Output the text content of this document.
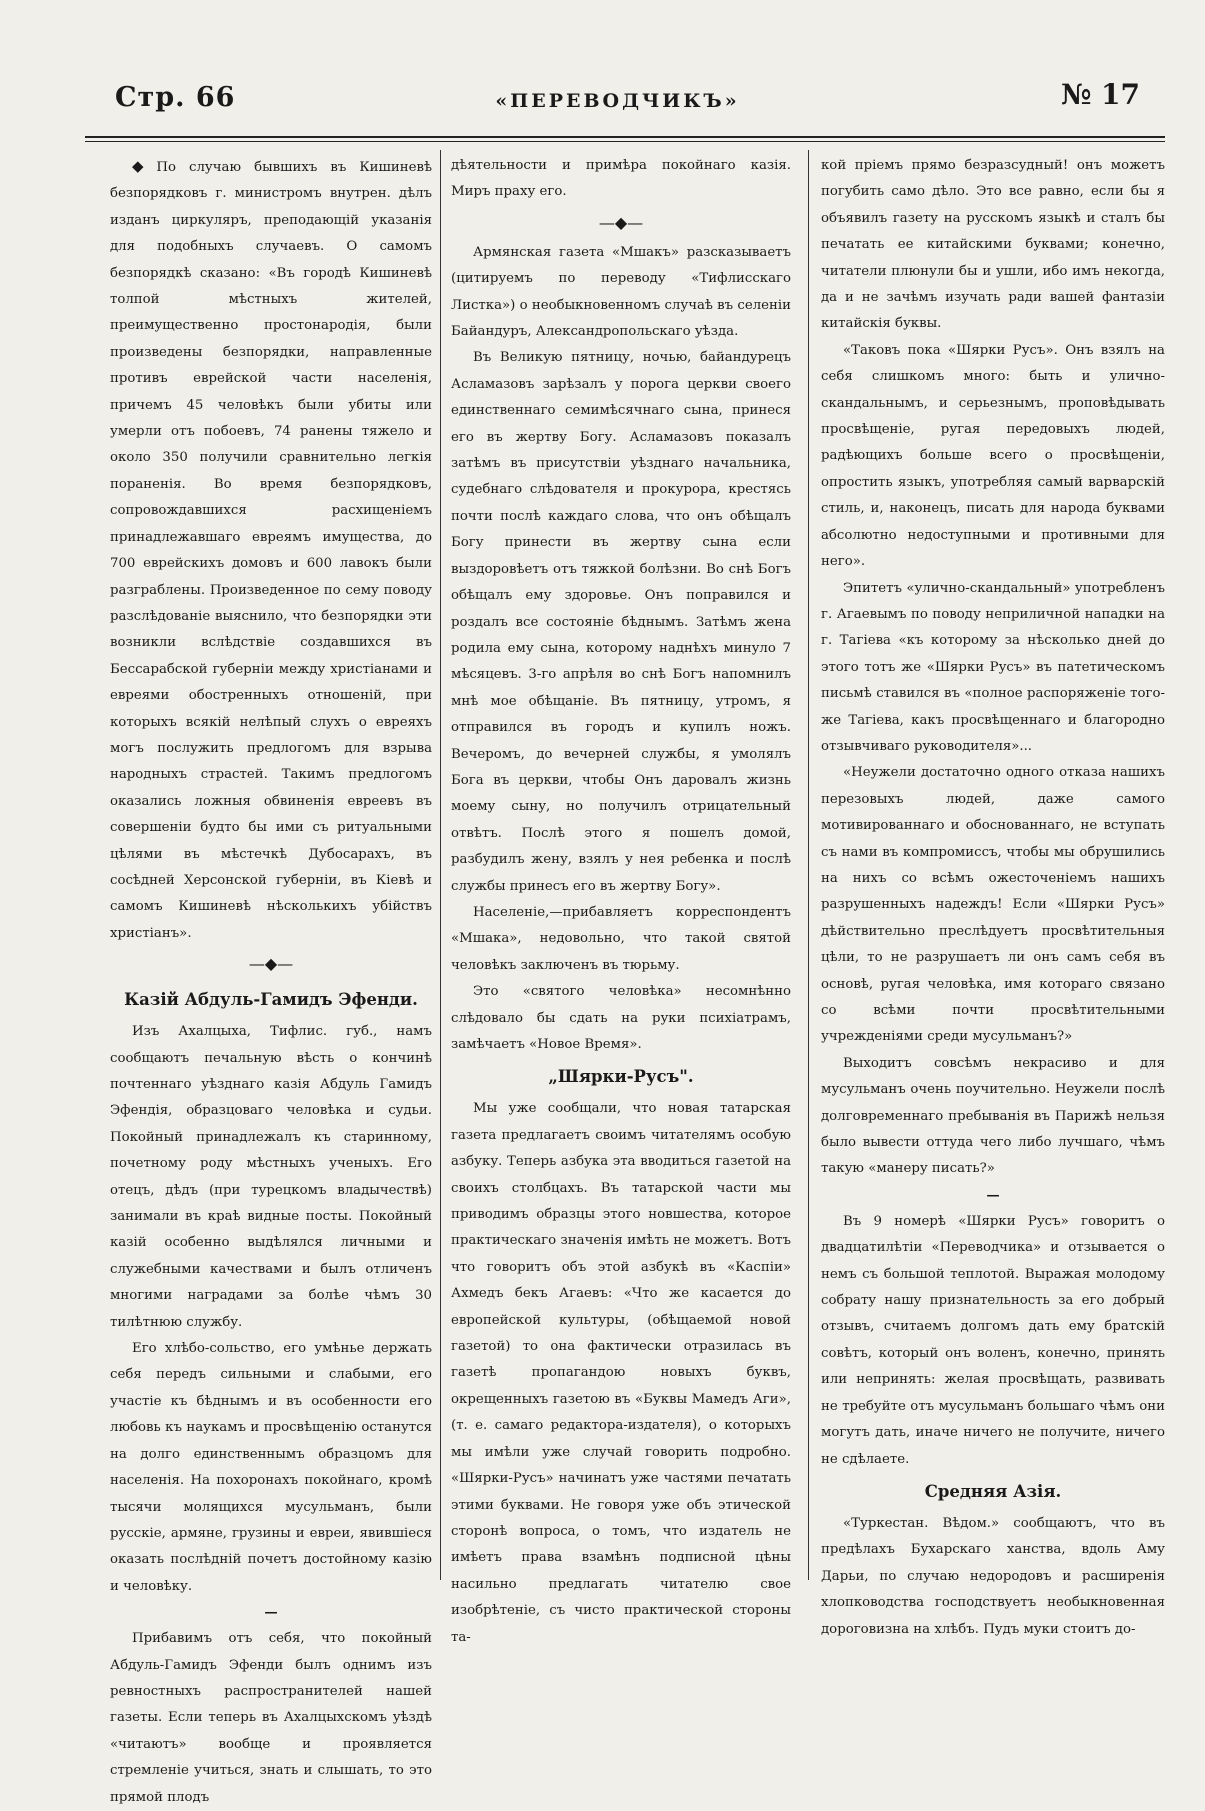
Стр. 66	«ПЕРЕВОДЧИКЪ»	№ 17

◆ По случаю бывшихъ въ Кишиневѣ безпорядковъ г. министромъ внутрен. дѣлъ изданъ циркуляръ, преподающій указанія для подобныхъ случаевъ. О самомъ безпорядкѣ сказано: «Въ городѣ Кишиневѣ толпой мѣстныхъ жителей, преимущественно простонародія, были произведены безпорядки, направленные противъ еврейской части населенія, причемъ 45 человѣкъ были убиты или умерли отъ побоевъ, 74 ранены тяжело и около 350 получили сравнительно легкія пораненія. Во время безпорядковъ, сопровождавшихся расхищеніемъ принадлежавшаго евреямъ имущества, до 700 еврейскихъ домовъ и 600 лавокъ были разграблены. Произведенное по сему поводу разслѣдованіе выяснило, что безпорядки эти возникли вслѣдствіе создавшихся въ Бессарабской губерніи между христіанами и евреями обостренныхъ отношеній, при которыхъ всякій нелѣпый слухъ о евреяхъ могъ послужить предлогомъ для взрыва народныхъ страстей. Такимъ предлогомъ оказались ложныя обвиненія евреевъ въ совершеніи будто бы ими съ ритуальными цѣлями въ мѣстечкѣ Дубосарахъ, въ сосѣдней Херсонской губерніи, въ Кіевѣ и самомъ Кишиневѣ нѣсколькихъ убійствъ христіанъ».

—◆—
Казій Абдуль-Гамидъ Эфенди.

Изъ Ахалцыха, Тифлис. губ., намъ сообщаютъ печальную вѣсть о кончинѣ почтеннаго уѣзднаго казія Абдуль Гамидъ Эфендія, образцоваго человѣка и судьи. Покойный принадлежалъ къ старинному, почетному роду мѣстныхъ ученыхъ. Его отецъ, дѣдъ (при турецкомъ владычествѣ) занимали въ краѣ видные посты. Покойный казій особенно выдѣлялся личными и служебными качествами и былъ отличенъ многими наградами за болѣе чѣмъ 30 тилѣтнюю службу.

Его хлѣбо-сольство, его умѣнье держать себя передъ сильными и слабыми, его участіе къ бѣднымъ и въ особенности его любовь къ наукамъ и просвѣщенію останутся на долго единственнымъ образцомъ для населенія. На похоронахъ покойнаго, кромѣ тысячи молящихся мусульманъ, были русскіе, армяне, грузины и евреи, явившіеся оказать послѣдній почетъ достойному казію и человѣку.

—

Прибавимъ отъ себя, что покойный Абдуль-Гамидъ Эфенди былъ однимъ изъ ревностныхъ распространителей нашей газеты. Если теперь въ Ахалцыхскомъ уѣздѣ «читаютъ» вообще и проявляется стремленіе учиться, знать и слышать, то это прямой плодъ

дѣятельности и примѣра покойнаго казія. Миръ праху его.

—◆—

Армянская газета «Мшакъ» разсказываетъ (цитируемъ по переводу «Тифлисскаго Листка») о необыкновенномъ случаѣ въ селеніи Байандуръ, Александропольскаго уѣзда.

Въ Великую пятницу, ночью, байандурецъ Асламазовъ зарѣзалъ у порога церкви своего единственнаго семимѣсячнаго сына, принеся его въ жертву Богу. Асламазовъ показалъ затѣмъ въ присутствіи уѣзднаго начальника, судебнаго слѣдователя и прокурора, крестясь почти послѣ каждаго слова, что онъ обѣщалъ Богу принести въ жертву сына если выздоровѣетъ отъ тяжкой болѣзни. Во снѣ Богъ обѣщалъ ему здоровье. Онъ поправился и роздалъ все состояніе бѣднымъ. Затѣмъ жена родила ему сына, которому наднѣхъ минуло 7 мѣсяцевъ. 3-го апрѣля во снѣ Богъ напомнилъ мнѣ мое обѣщаніе. Въ пятницу, утромъ, я отправился въ городъ и купилъ ножъ. Вечеромъ, до вечерней службы, я умолялъ Бога въ церкви, чтобы Онъ даровалъ жизнь моему сыну, но получилъ отрицательный отвѣтъ. Послѣ этого я пошелъ домой, разбудилъ жену, взялъ у нея ребенка и послѣ службы принесъ его въ жертву Богу».

Населеніе,—прибавляетъ корреспондентъ «Мшака», недовольно, что такой святой человѣкъ заключенъ въ тюрьму.

Это «святого человѣка» несомнѣнно слѣдовало бы сдать на руки психіатрамъ, замѣчаетъ «Новое Время».

„Шярки-Русъ".

Мы уже сообщали, что новая татарская газета предлагаетъ своимъ читателямъ особую азбуку. Теперь азбука эта вводиться газетой на своихъ столбцахъ. Въ татарской части мы приводимъ образцы этого новшества, которое практическаго значенія имѣть не можетъ. Вотъ что говоритъ объ этой азбукѣ въ «Каспіи» Ахмедъ бекъ Агаевъ: «Что же касается до европейской культуры, (обѣщаемой новой газетой) то она фактически отразилась въ газетѣ пропагандою новыхъ буквъ, окрещенныхъ газетою въ «Буквы Мамедъ Аги», (т. е. самаго редактора-издателя), о которыхъ мы имѣли уже случай говорить подробно. «Шярки-Русъ» начинатъ уже частями печатать этими буквами. Не говоря уже объ этической сторонѣ вопроса, о томъ, что издатель не имѣетъ права взамѣнъ подписной цѣны насильно предлагать читателю свое изобрѣтеніе, съ чисто практической стороны та-

кой пріемъ прямо безразсудный! онъ можетъ погубить само дѣло. Это все равно, если бы я объявилъ газету на русскомъ языкѣ и сталъ бы печатать ее китайскими буквами; конечно, читатели плюнули бы и ушли, ибо имъ некогда, да и не зачѣмъ изучать ради вашей фантазіи китайскія буквы.

«Таковъ пока «Шярки Русъ». Онъ взялъ на себя слишкомъ много: быть и улично-скандальнымъ, и серьезнымъ, проповѣдывать просвѣщеніе, ругая передовыхъ людей, радѣющихъ больше всего о просвѣщеніи, опростить языкъ, употребляя самый варварскій стиль, и, наконецъ, писать для народа буквами абсолютно недоступными и противными для него».

Эпитетъ «улично-скандальный» употребленъ г. Агаевымъ по поводу неприличной нападки на г. Тагіева «къ которому за нѣсколько дней до этого тотъ же «Шярки Русъ» въ патетическомъ письмѣ ставился въ «полное распоряженіе того-же Тагіева, какъ просвѣщеннаго и благородно отзывчиваго руководителя»...

«Неужели достаточно одного отказа нашихъ перезовыхъ людей, даже самого мотивированнаго и обоснованнаго, не вступать съ нами въ компромиссъ, чтобы мы обрушились на нихъ со всѣмъ ожесточеніемъ нашихъ разрушенныхъ надеждъ! Если «Шярки Русъ» дѣйствительно преслѣдуетъ просвѣтительныя цѣли, то не разрушаетъ ли онъ самъ себя въ основѣ, ругая человѣка, имя котораго связано со всѣми почти просвѣтительными учрежденіями среди мусульманъ?»

Выходитъ совсѣмъ некрасиво и для мусульманъ очень поучительно. Неужели послѣ долговременнаго пребыванія въ Парижѣ нельзя было вывести оттуда чего либо лучшаго, чѣмъ такую «манеру писать?»

—

Въ 9 номерѣ «Шярки Русъ» говоритъ о двадцатилѣтіи «Переводчика» и отзывается о немъ съ большой теплотой. Выражая молодому собрату нашу признательность за его добрый отзывъ, считаемъ долгомъ дать ему братскій совѣтъ, который онъ воленъ, конечно, принять или непринять: желая просвѣщать, развивать не требуйте отъ мусульманъ большаго чѣмъ они могутъ дать, иначе ничего не получите, ничего не сдѣлаете.

Средняя Азія.

«Туркестан. Вѣдом.» сообщаютъ, что въ предѣлахъ Бухарскаго ханства, вдоль Аму Дарьи, по случаю недородовъ и расширенія хлопководства господствуетъ необыкновенная дороговизна на хлѣбъ. Пудъ муки стоитъ до-
